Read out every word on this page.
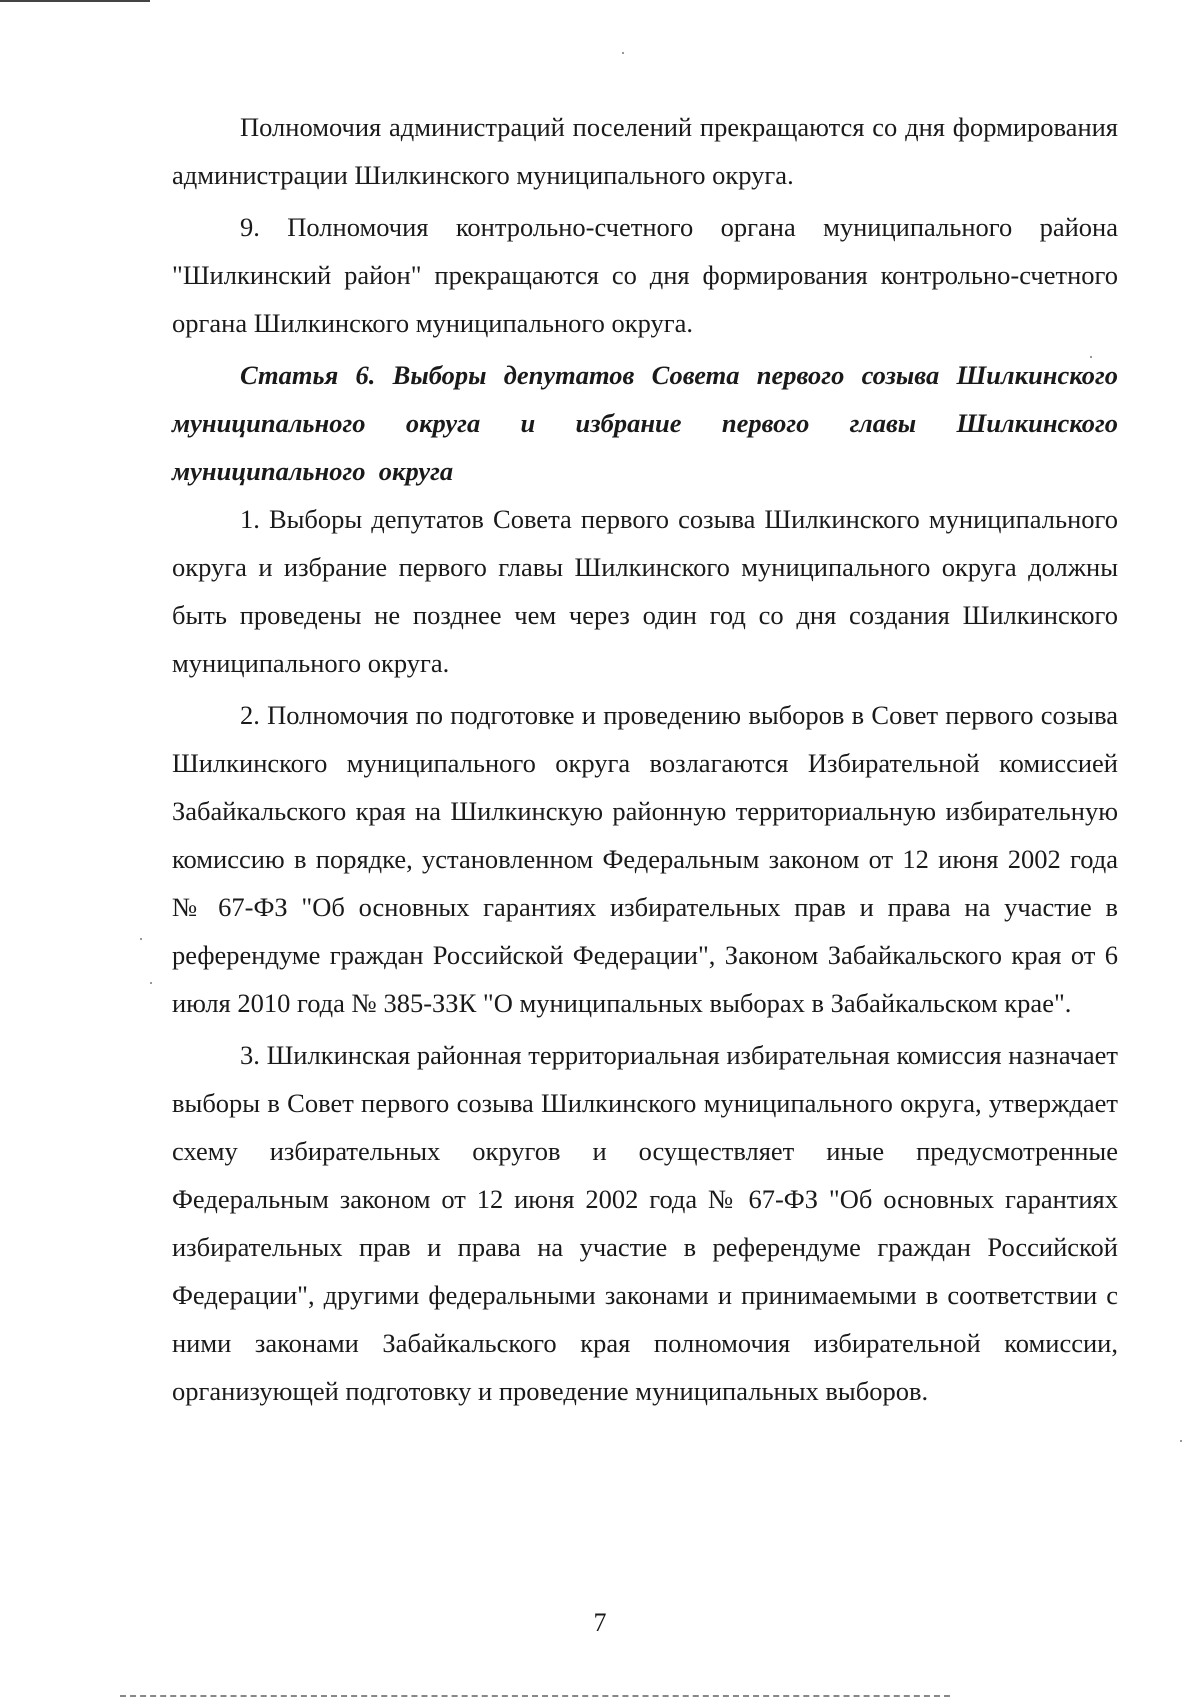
Полномочия администраций поселений прекращаются со дня формирования администрации Шилкинского муниципального округа.

9. Полномочия контрольно-счетного органа муниципального района "Шилкинский район" прекращаются со дня формирования контрольно-счетного органа Шилкинского муниципального округа.

Статья 6. Выборы депутатов Совета первого созыва Шилкинского муниципального округа и избрание первого главы Шилкинского муниципального округа

1. Выборы депутатов Совета первого созыва Шилкинского муниципального округа и избрание первого главы Шилкинского муниципального округа должны быть проведены не позднее чем через один год со дня создания Шилкинского муниципального округа.

2. Полномочия по подготовке и проведению выборов в Совет первого созыва Шилкинского муниципального округа возлагаются Избирательной комиссией Забайкальского края на Шилкинскую районную территориальную избирательную комиссию в порядке, установленном Федеральным законом от 12 июня 2002 года № 67-ФЗ "Об основных гарантиях избирательных прав и права на участие в референдуме граждан Российской Федерации", Законом Забайкальского края от 6 июля 2010 года № 385-ЗЗК "О муниципальных выборах в Забайкальском крае".

3. Шилкинская районная территориальная избирательная комиссия назначает выборы в Совет первого созыва Шилкинского муниципального округа, утверждает схему избирательных округов и осуществляет иные предусмотренные Федеральным законом от 12 июня 2002 года № 67-ФЗ "Об основных гарантиях избирательных прав и права на участие в референдуме граждан Российской Федерации", другими федеральными законами и принимаемыми в соответствии с ними законами Забайкальского края полномочия избирательной комиссии, организующей подготовку и проведение муниципальных выборов.

7
